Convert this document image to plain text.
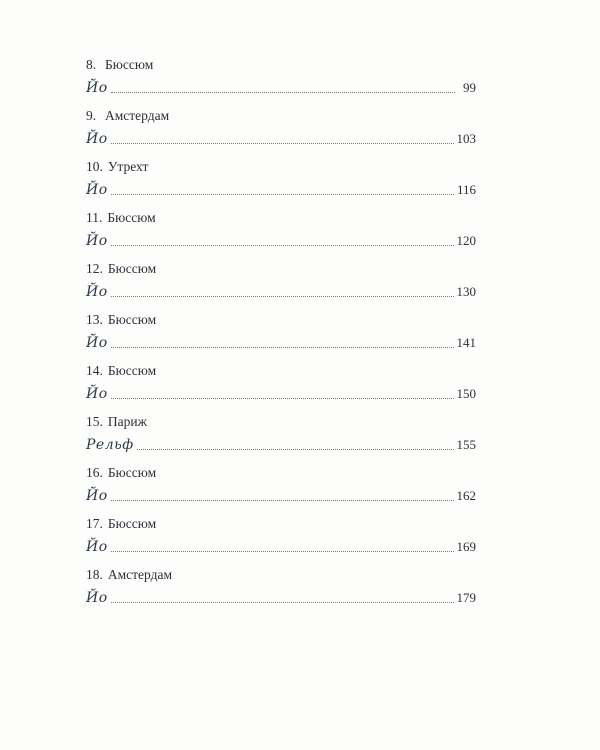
8. Бюссюм
Йо	99
9. Амстердам
Йо	103
10. Утрехт
Йо	116
11. Бюссюм
Йо	120
12. Бюссюм
Йо	130
13. Бюссюм
Йо	141
14. Бюссюм
Йо	150
15. Париж
Рельф	155
16. Бюссюм
Йо	162
17. Бюссюм
Йо	169
18. Амстердам
Йо	179
